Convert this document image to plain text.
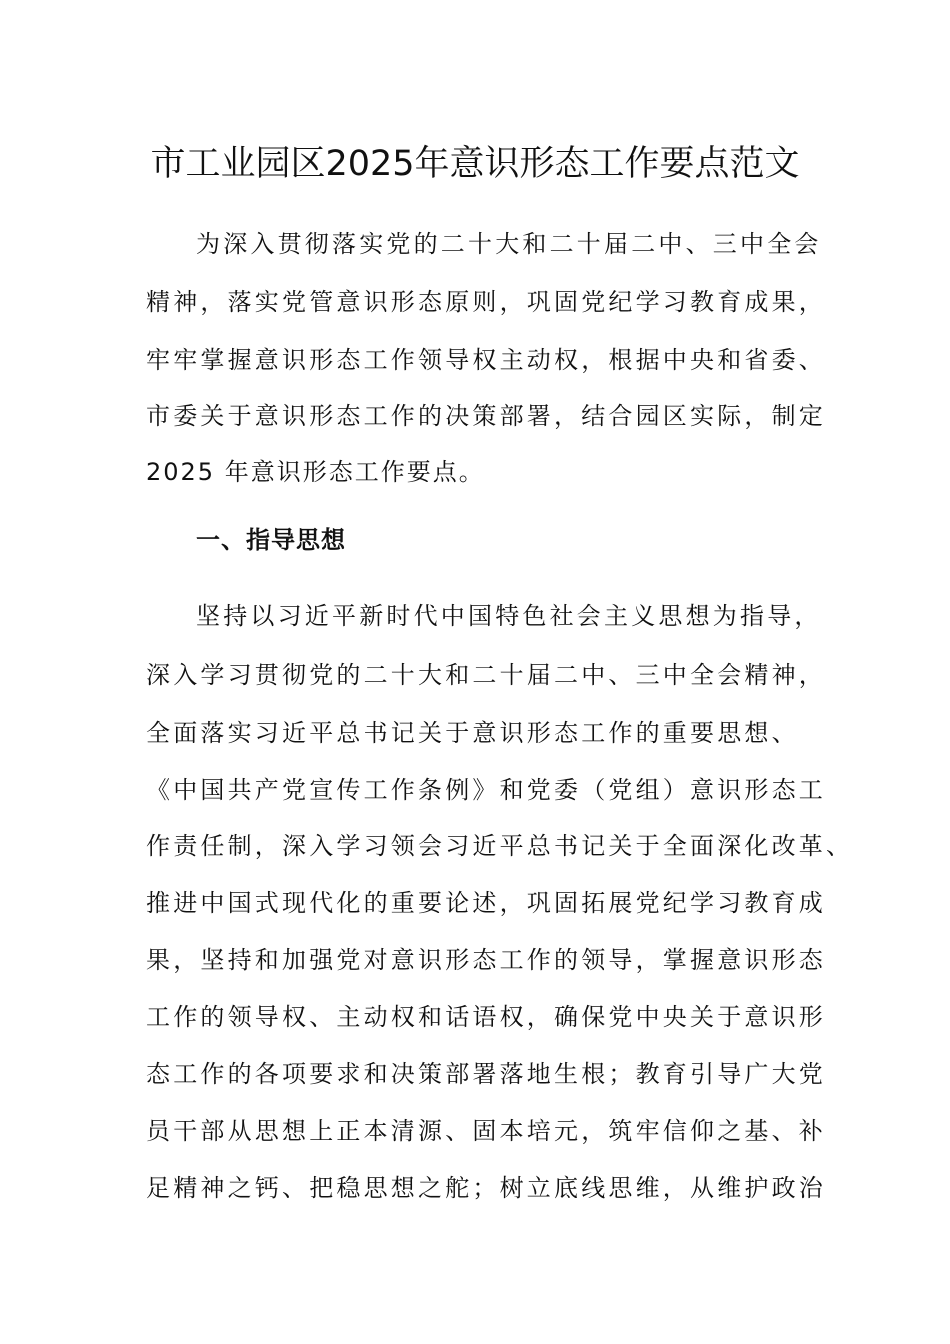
市工业园区2025年意识形态工作要点范文
为深入贯彻落实党的二十大和二十届二中、三中全会
精神，落实党管意识形态原则，巩固党纪学习教育成果，
牢牢掌握意识形态工作领导权主动权，根据中央和省委、
市委关于意识形态工作的决策部署，结合园区实际，制定
2025 年意识形态工作要点。
一、指导思想
坚持以习近平新时代中国特色社会主义思想为指导，
深入学习贯彻党的二十大和二十届二中、三中全会精神，
全面落实习近平总书记关于意识形态工作的重要思想、
《中国共产党宣传工作条例》和党委（党组）意识形态工
作责任制，深入学习领会习近平总书记关于全面深化改革、
推进中国式现代化的重要论述，巩固拓展党纪学习教育成
果，坚持和加强党对意识形态工作的领导，掌握意识形态
工作的领导权、主动权和话语权，确保党中央关于意识形
态工作的各项要求和决策部署落地生根；教育引导广大党
员干部从思想上正本清源、固本培元，筑牢信仰之基、补
足精神之钙、把稳思想之舵；树立底线思维，从维护政治
